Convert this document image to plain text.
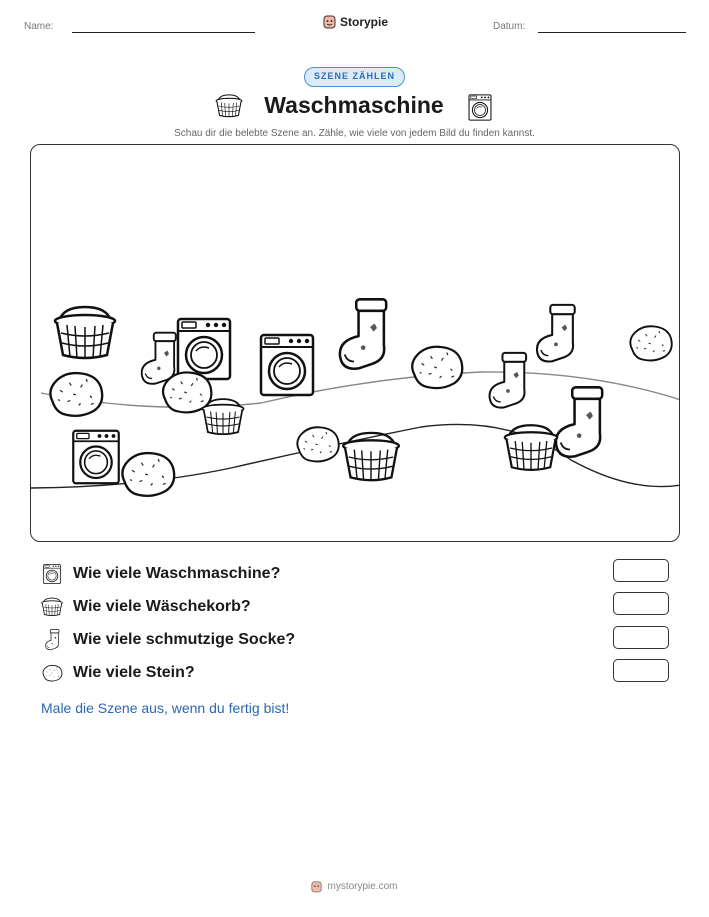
Name:	Storypie	Datum:
SZENE ZÄHLEN
Waschmaschine
Schau dir die belebte Szene an. Zähle, wie viele von jedem Bild du finden kannst.
Wie viele Waschmaschine?
Wie viele Wäschekorb?
Wie viele schmutzige Socke?
Wie viele Stein?
Male die Szene aus, wenn du fertig bist!
mystorypie.com
